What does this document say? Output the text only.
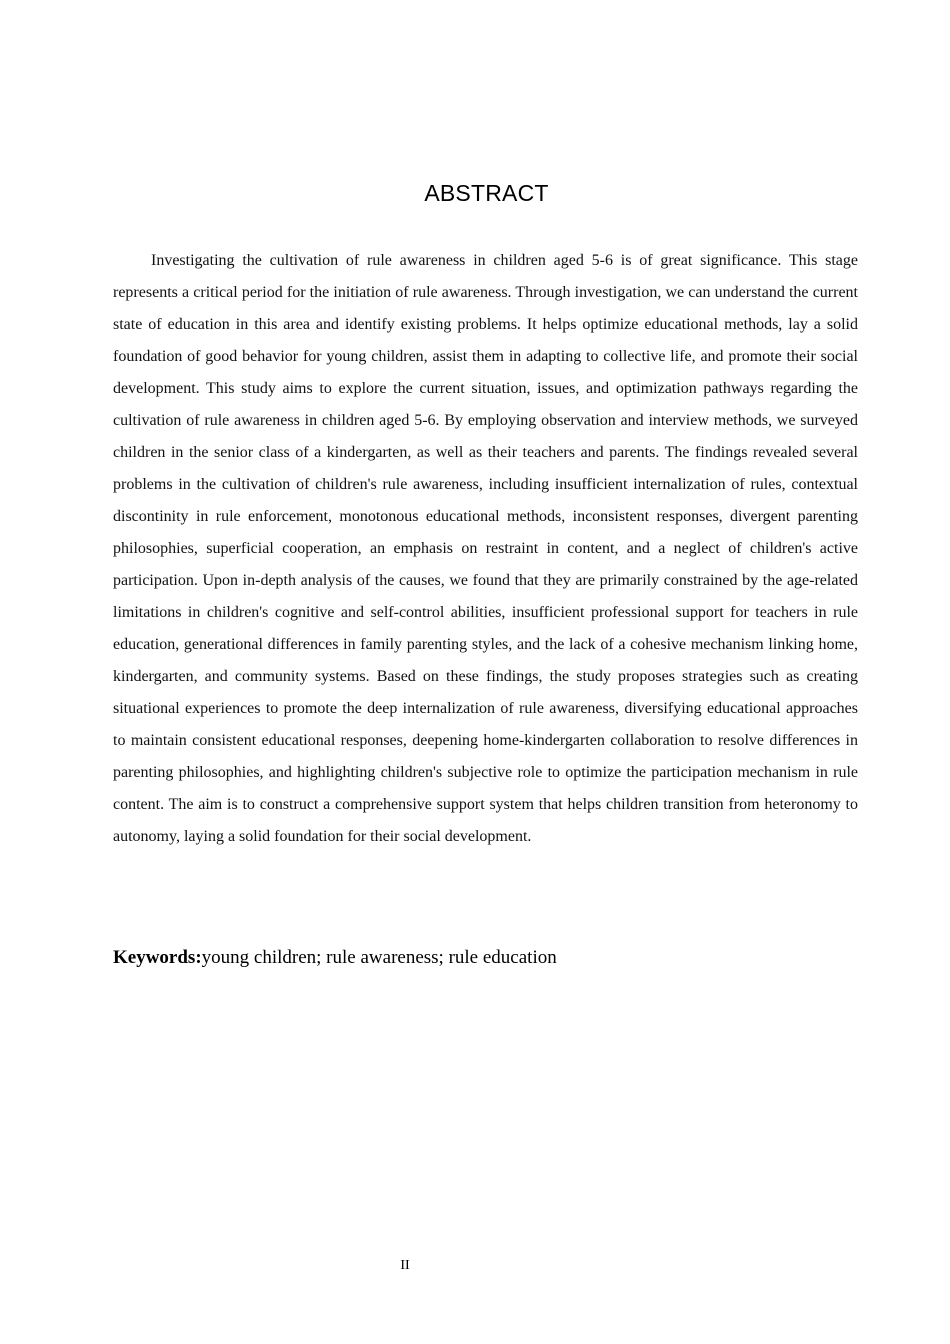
ABSTRACT

Investigating the cultivation of rule awareness in children aged 5-6 is of great significance. This stage represents a critical period for the initiation of rule awareness. Through investigation, we can understand the current state of education in this area and identify existing problems. It helps optimize educational methods, lay a solid foundation of good behavior for young children, assist them in adapting to collective life, and promote their social development. This study aims to explore the current situation, issues, and optimization pathways regarding the cultivation of rule awareness in children aged 5-6. By employing observation and interview methods, we surveyed children in the senior class of a kindergarten, as well as their teachers and parents. The findings revealed several problems in the cultivation of children's rule awareness, including insufficient internalization of rules, contextual discontinity in rule enforcement, monotonous educational methods, inconsistent responses, divergent parenting philosophies, superficial cooperation, an emphasis on restraint in content, and a neglect of children's active participation. Upon in-depth analysis of the causes, we found that they are primarily constrained by the age-related limitations in children's cognitive and self-control abilities, insufficient professional support for teachers in rule education, generational differences in family parenting styles, and the lack of a cohesive mechanism linking home, kindergarten, and community systems. Based on these findings, the study proposes strategies such as creating situational experiences to promote the deep internalization of rule awareness, diversifying educational approaches to maintain consistent educational responses, deepening home-kindergarten collaboration to resolve differences in parenting philosophies, and highlighting children's subjective role to optimize the participation mechanism in rule content. The aim is to construct a comprehensive support system that helps children transition from heteronomy to autonomy, laying a solid foundation for their social development.

Keywords:young children; rule awareness; rule education

II
